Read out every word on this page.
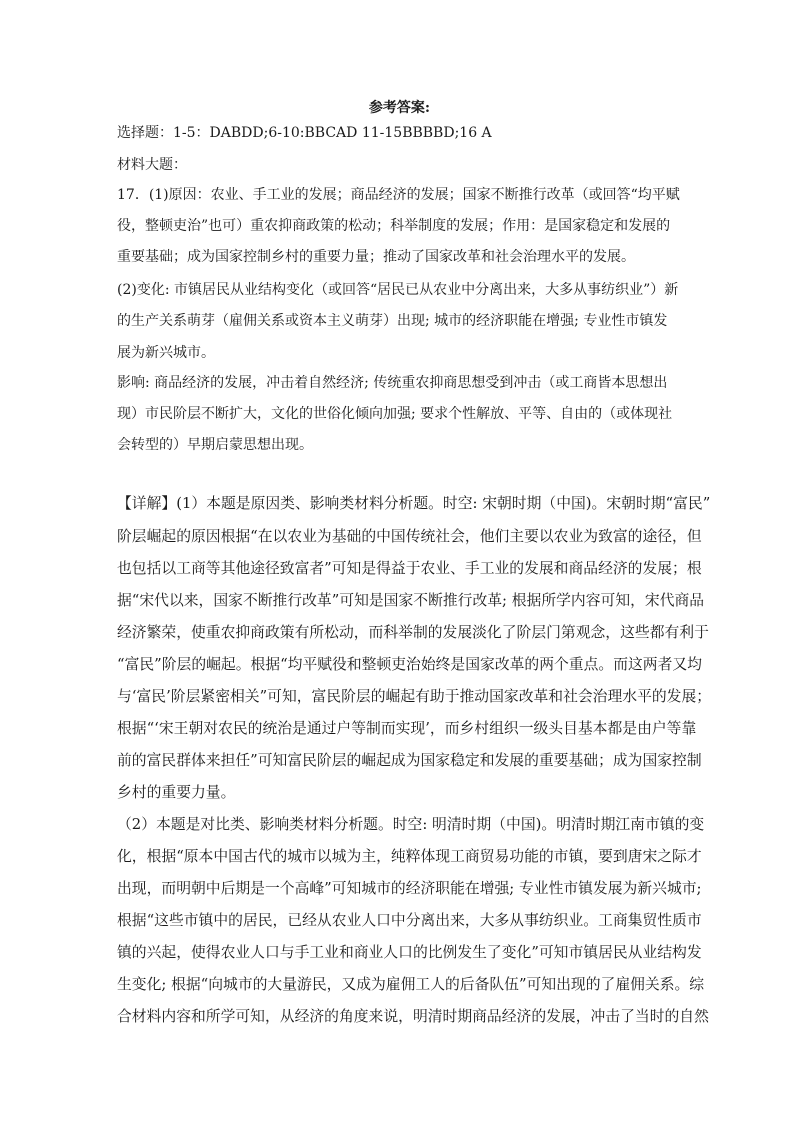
参考答案:
选择题：1-5：DABDD;6-10:BBCAD 11-15BBBBD;16 A
材料大题：
17．(1)原因：农业、手工业的发展；商品经济的发展；国家不断推行改革（或回答“均平赋
役，整顿吏治”也可）重农抑商政策的松动；科举制度的发展；作用：是国家稳定和发展的
重要基础；成为国家控制乡村的重要力量；推动了国家改革和社会治理水平的发展。
(2)变化: 市镇居民从业结构变化（或回答“居民已从农业中分离出来，大多从事纺织业”）新
的生产关系萌芽（雇佣关系或资本主义萌芽）出现; 城市的经济职能在增强; 专业性市镇发
展为新兴城市。
影响: 商品经济的发展，冲击着自然经济; 传统重农抑商思想受到冲击（或工商皆本思想出
现）市民阶层不断扩大，文化的世俗化倾向加强; 要求个性解放、平等、自由的（或体现社
会转型的）早期启蒙思想出现。
【详解】(1）本题是原因类、影响类材料分析题。时空: 宋朝时期（中国)。宋朝时期“富民”
阶层崛起的原因根据“在以农业为基础的中国传统社会，他们主要以农业为致富的途径，但
也包括以工商等其他途径致富者”可知是得益于农业、手工业的发展和商品经济的发展；根
据“宋代以来，国家不断推行改革”可知是国家不断推行改革; 根据所学内容可知，宋代商品
经济繁荣，使重农抑商政策有所松动，而科举制的发展淡化了阶层门第观念，这些都有利于
“富民”阶层的崛起。根据“均平赋役和整顿吏治始终是国家改革的两个重点。而这两者又均
与‘富民’阶层紧密相关”可知，富民阶层的崛起有助于推动国家改革和社会治理水平的发展；
根据“‘宋王朝对农民的统治是通过户等制而实现’，而乡村组织一级头目基本都是由户等靠
前的富民群体来担任”可知富民阶层的崛起成为国家稳定和发展的重要基础；成为国家控制
乡村的重要力量。
（2）本题是对比类、影响类材料分析题。时空: 明清时期（中国)。明清时期江南市镇的变
化，根据“原本中国古代的城市以城为主，纯粹体现工商贸易功能的市镇，要到唐宋之际才
出现，而明朝中后期是一个高峰”可知城市的经济职能在增强; 专业性市镇发展为新兴城市;
根据“这些市镇中的居民，已经从农业人口中分离出来，大多从事纺织业。工商集贸性质市
镇的兴起，使得农业人口与手工业和商业人口的比例发生了变化”可知市镇居民从业结构发
生变化; 根据“向城市的大量游民，又成为雇佣工人的后备队伍”可知出现的了雇佣关系。综
合材料内容和所学可知，从经济的角度来说，明清时期商品经济的发展，冲击了当时的自然
